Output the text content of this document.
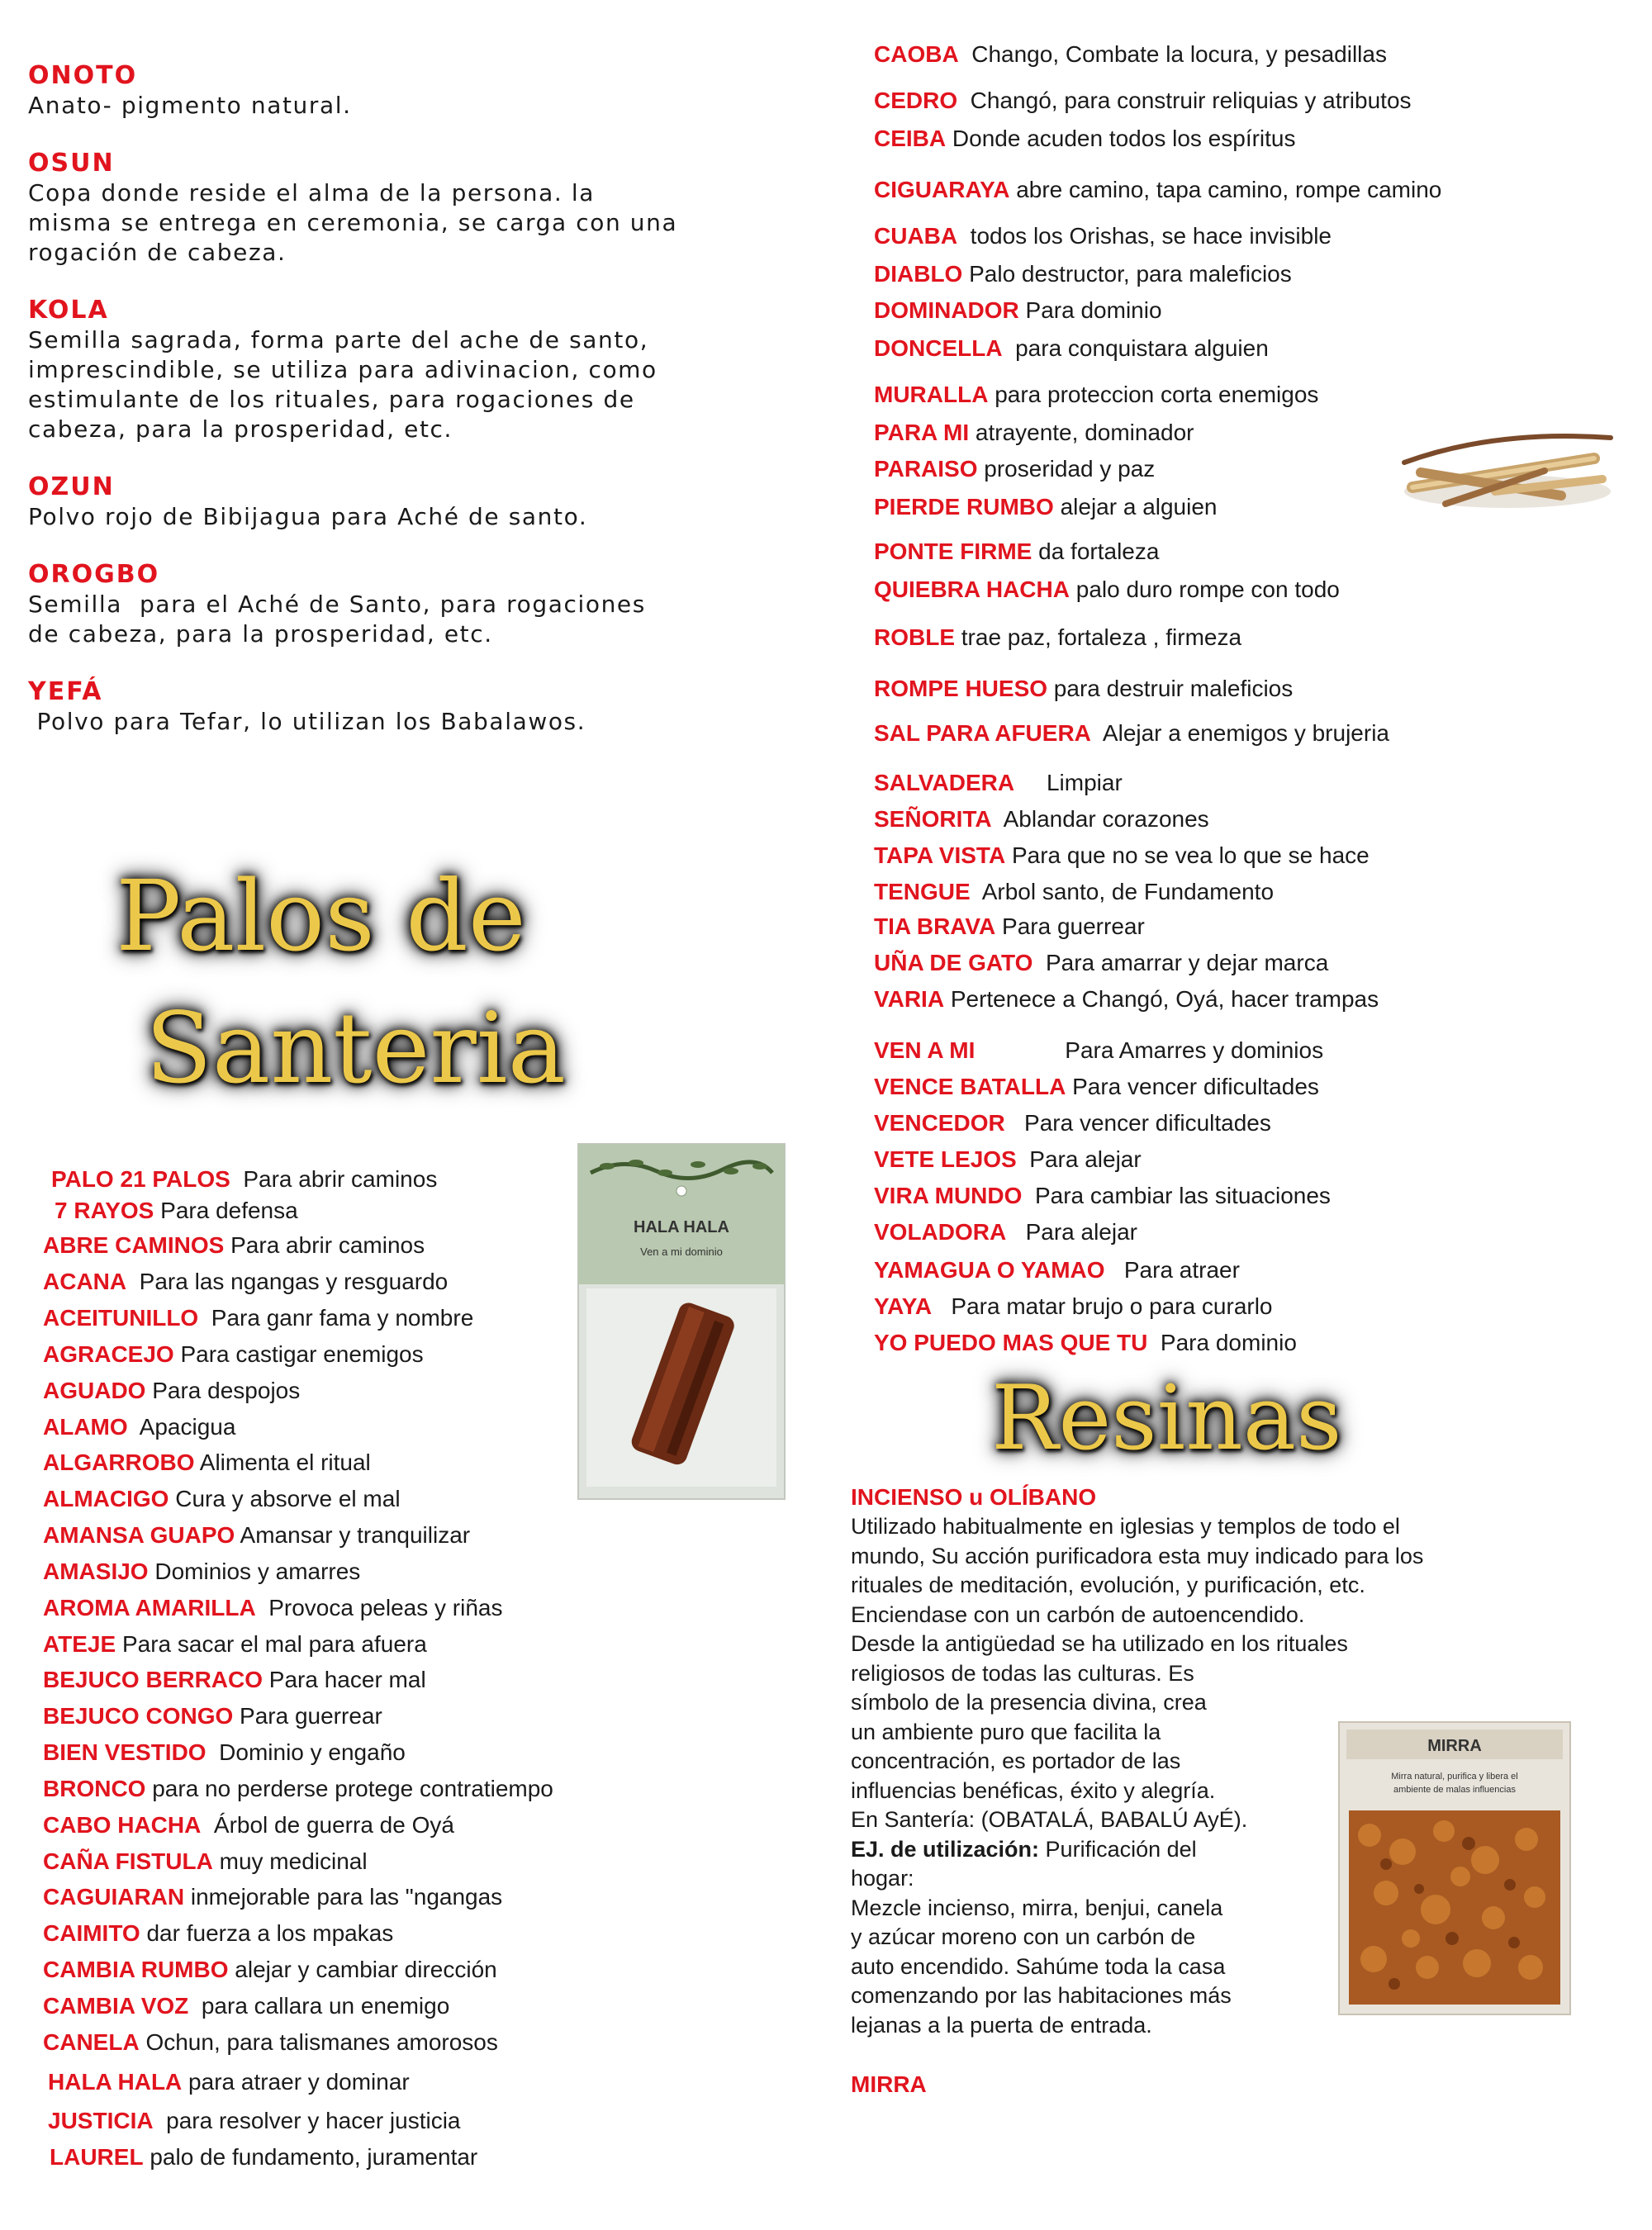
ONOTO
Anato- pigmento natural.
OSUN
Copa donde reside el alma de la persona. la
misma se entrega en ceremonia, se carga con una
rogación de cabeza.
KOLA
Semilla sagrada, forma parte del ache de santo,
imprescindible, se utiliza para adivinacion, como
estimulante de los rituales, para rogaciones de
cabeza, para la prosperidad, etc.
OZUN
Polvo rojo de Bibijagua para Aché de santo.
OROGBO
Semilla  para el Aché de Santo, para rogaciones
de cabeza, para la prosperidad, etc.
YEFÁ
Polvo para Tefar, lo utilizan los Babalawos.
Palos de
Santeria
PALO 21 PALOS  Para abrir caminos
7 RAYOS Para defensa
ABRE CAMINOS Para abrir caminos
ACANA  Para las ngangas y resguardo
ACEITUNILLO  Para ganr fama y nombre
AGRACEJO Para castigar enemigos
AGUADO Para despojos
ALAMO  Apacigua
ALGARROBO Alimenta el ritual
ALMACIGO Cura y absorve el mal
AMANSA GUAPO Amansar y tranquilizar
AMASIJO Dominios y amarres
AROMA AMARILLA  Provoca peleas y riñas
ATEJE Para sacar el mal para afuera
BEJUCO BERRACO Para hacer mal
BEJUCO CONGO Para guerrear
BIEN VESTIDO  Dominio y engaño
BRONCO para no perderse protege contratiempo
CABO HACHA  Árbol de guerra de Oyá
CAÑA FISTULA muy medicinal
CAGUIARAN inmejorable para las "ngangas
CAIMITO dar fuerza a los mpakas
CAMBIA RUMBO alejar y cambiar dirección
CAMBIA VOZ  para callara un enemigo
CANELA Ochun, para talismanes amorosos
HALA HALA para atraer y dominar
JUSTICIA  para resolver y hacer justicia
LAUREL palo de fundamento, juramentar
CAOBA  Chango, Combate la locura, y pesadillas
CEDRO  Changó, para construir reliquias y atributos
CEIBA Donde acuden todos los espíritus
CIGUARAYA abre camino, tapa camino, rompe camino
CUABA  todos los Orishas, se hace invisible
DIABLO Palo destructor, para maleficios
DOMINADOR Para dominio
DONCELLA  para conquistara alguien
MURALLA para proteccion corta enemigos
PARA MI atrayente, dominador
PARAISO proseridad y paz
PIERDE RUMBO alejar a alguien
PONTE FIRME da fortaleza
QUIEBRA HACHA palo duro rompe con todo
ROBLE trae paz, fortaleza , firmeza
ROMPE HUESO para destruir maleficios
SAL PARA AFUERA  Alejar a enemigos y brujeria
SALVADERA     Limpiar
SEÑORITA  Ablandar corazones
TAPA VISTA Para que no se vea lo que se hace
TENGUE  Arbol santo, de Fundamento
TIA BRAVA Para guerrear
UÑA DE GATO  Para amarrar y dejar marca
VARIA Pertenece a Changó, Oyá, hacer trampas
VEN A MI              Para Amarres y dominios
VENCE BATALLA Para vencer dificultades
VENCEDOR   Para vencer dificultades
VETE LEJOS  Para alejar
VIRA MUNDO  Para cambiar las situaciones
VOLADORA   Para alejar
YAMAGUA O YAMAO   Para atraer
YAYA   Para matar brujo o para curarlo
YO PUEDO MAS QUE TU  Para dominio
Resinas
INCIENSO u OLÍBANO
Utilizado habitualmente en iglesias y templos de todo el
mundo, Su acción purificadora esta muy indicado para los
rituales de meditación, evolución, y purificación, etc.
Enciendase con un carbón de autoencendido.
Desde la antigüedad se ha utilizado en los rituales
religiosos de todas las culturas. Es
símbolo de la presencia divina, crea
un ambiente puro que facilita la
concentración, es portador de las
influencias benéficas, éxito y alegría.
En Santería: (OBATALÁ, BABALÚ AyÉ).
EJ. de utilización: Purificación del
hogar:
Mezcle incienso, mirra, benjui, canela
y azúcar moreno con un carbón de
auto encendido. Sahúme toda la casa
comenzando por las habitaciones más
lejanas a la puerta de entrada.
MIRRA
HALA HALA
Ven a mi dominio
MIRRA
Mirra natural, purifica y libera el
ambiente de malas influencias
